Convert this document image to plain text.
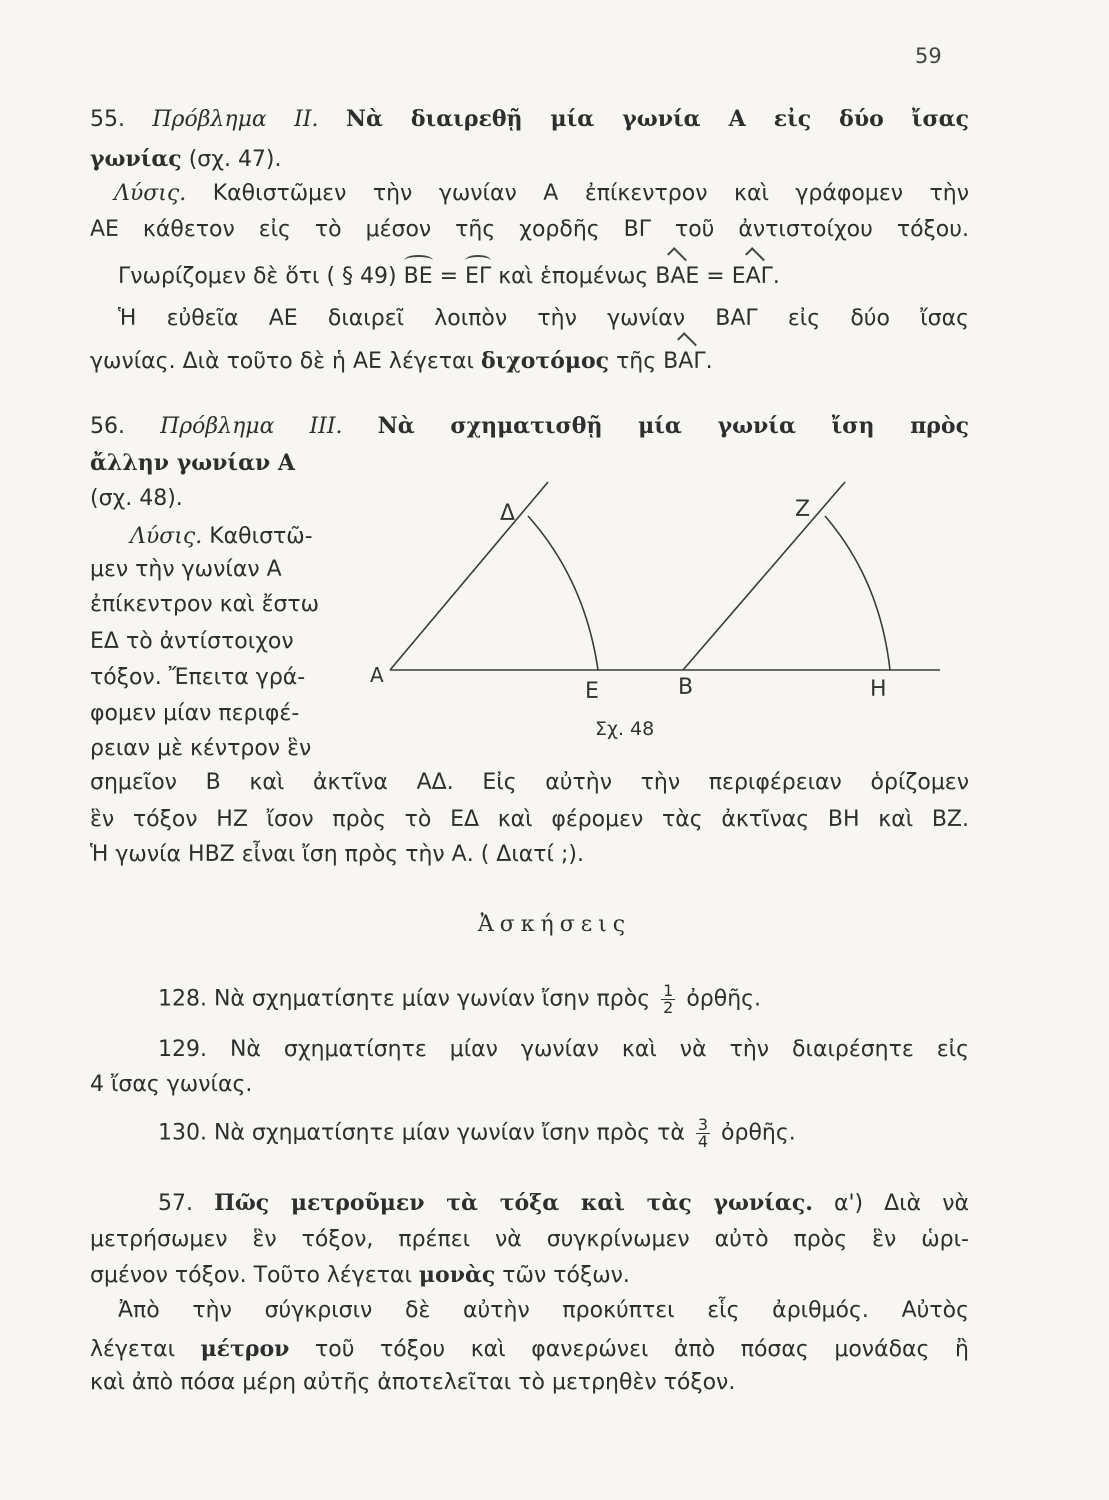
59
55. Πρόβλημα ΙΙ. Νὰ διαιρεθῇ μία γωνία Α εἰς δύο ἴσας
γωνίας (σχ. 47).
Λύσις. Καθιστῶμεν τὴν γωνίαν Α ἐπίκεντρον καὶ γράφομεν τὴν
ΑΕ κάθετον εἰς τὸ μέσον τῆς χορδῆς ΒΓ τοῦ ἀντιστοίχου τόξου.
Γνωρίζομεν δὲ ὅτι ( § 49) ΒΕ = ΕΓ καὶ ἑπομένως ΒΑΕ = ΕΑΓ.
Ἡ εὐθεῖα ΑΕ διαιρεῖ λοιπὸν τὴν γωνίαν ΒΑΓ εἰς δύο ἴσας
γωνίας. Διὰ τοῦτο δὲ ἡ ΑΕ λέγεται διχοτόμος τῆς ΒΑΓ.
56. Πρόβλημα ΙΙΙ. Νὰ σχηματισθῇ μία γωνία ἴση πρὸς
ἄλλην γωνίαν Α
(σχ. 48).
Λύσις. Καθιστῶ-
μεν τὴν γωνίαν Α
ἐπίκεντρον καὶ ἔστω
ΕΔ τὸ ἀντίστοιχον
τόξον. Ἔπειτα γρά-
φομεν μίαν περιφέ-
ρειαν μὲ κέντρον ἓν
σημεῖον Β καὶ ἀκτῖνα ΑΔ. Εἰς αὐτὴν τὴν περιφέρειαν ὁρίζομεν
ἓν τόξον ΗΖ ἴσον πρὸς τὸ ΕΔ καὶ φέρομεν τὰς ἀκτῖνας ΒΗ καὶ ΒΖ.
Ἡ γωνία ΗΒΖ εἶναι ἴση πρὸς τὴν Α. ( Διατί ;).
Δ	Ζ
Α
Ε	Β	Η
Σχ. 48
Ἀσκήσεις
128. Νὰ σχηματίσητε μίαν γωνίαν ἴσην πρὸς $\frac{1}{2}$ ὀρθῆς.
129. Νὰ σχηματίσητε μίαν γωνίαν καὶ νὰ τὴν διαιρέσητε εἰς
4 ἴσας γωνίας.
130. Νὰ σχηματίσητε μίαν γωνίαν ἴσην πρὸς τὰ $\frac{3}{4}$ ὀρθῆς.
57. Πῶς μετροῦμεν τὰ τόξα καὶ τὰς γωνίας. α') Διὰ νὰ
μετρήσωμεν ἓν τόξον, πρέπει νὰ συγκρίνωμεν αὐτὸ πρὸς ἓν ὡρι-
σμένον τόξον. Τοῦτο λέγεται μονὰς τῶν τόξων.
Ἀπὸ τὴν σύγκρισιν δὲ αὐτὴν προκύπτει εἷς ἀριθμός. Αὐτὸς
λέγεται μέτρον τοῦ τόξου καὶ φανερώνει ἀπὸ πόσας μονάδας ἢ
καὶ ἀπὸ πόσα μέρη αὐτῆς ἀποτελεῖται τὸ μετρηθὲν τόξον.
